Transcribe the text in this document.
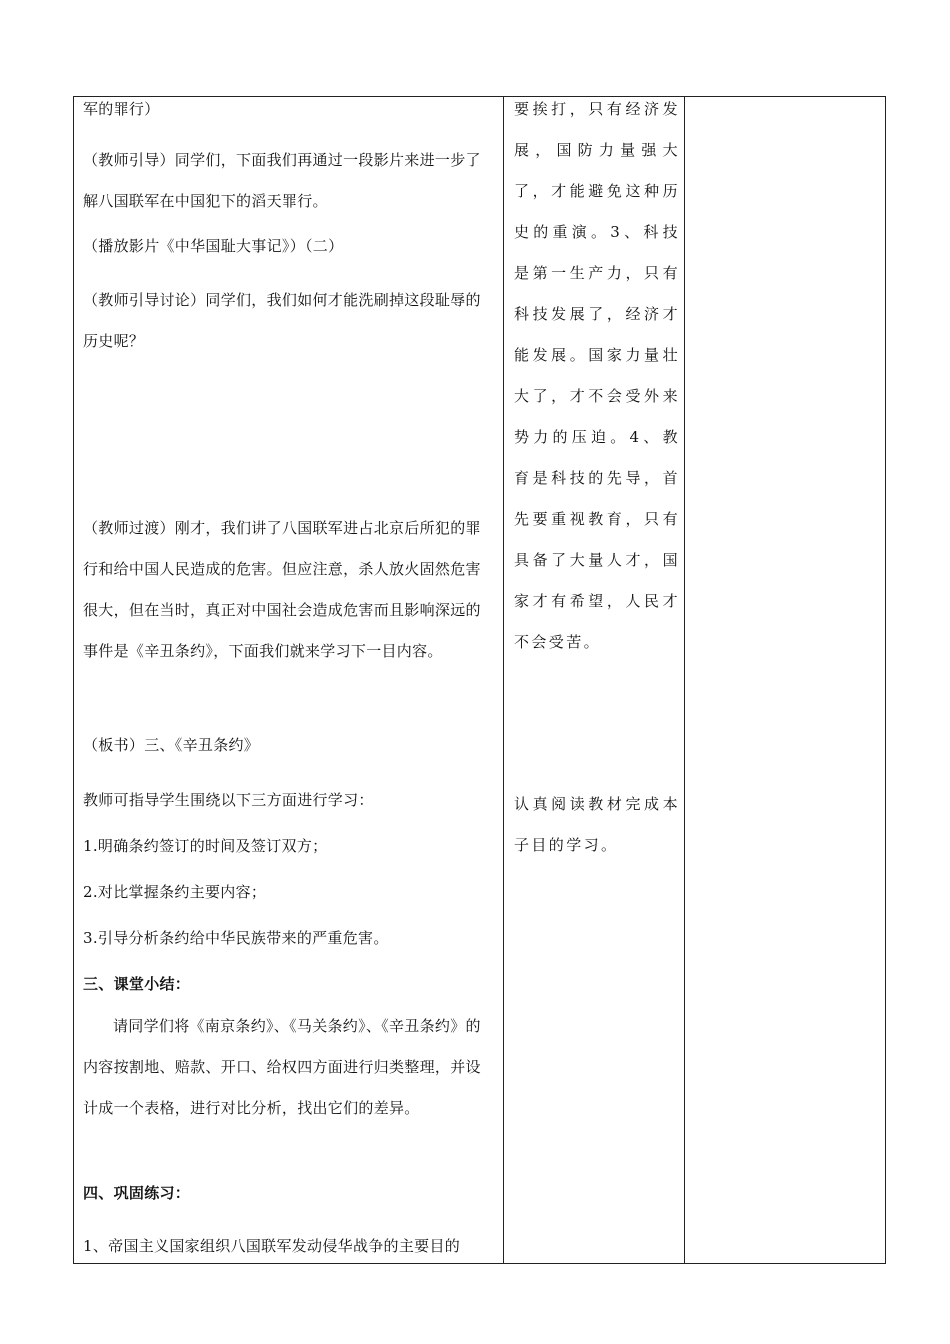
军的罪行）

（教师引导）同学们，下面我们再通过一段影片来进一步了解八国联军在中国犯下的滔天罪行。

（播放影片《中华国耻大事记》）（二）

（教师引导讨论）同学们，我们如何才能洗刷掉这段耻辱的历史呢？

（教师过渡）刚才，我们讲了八国联军进占北京后所犯的罪行和给中国人民造成的危害。但应注意，杀人放火固然危害很大，但在当时，真正对中国社会造成危害而且影响深远的事件是《辛丑条约》，下面我们就来学习下一目内容。

（板书）三、《辛丑条约》

教师可指导学生围绕以下三方面进行学习：

1.明确条约签订的时间及签订双方；

2.对比掌握条约主要内容；

3.引导分析条约给中华民族带来的严重危害。

三、课堂小结：

请同学们将《南京条约》、《马关条约》、《辛丑条约》的内容按割地、赔款、开口、给权四方面进行归类整理，并设计成一个表格，进行对比分析，找出它们的差异。

四、巩固练习：

1、帝国主义国家组织八国联军发动侵华战争的主要目的

要挨打，只有经济发展，国防力量强大了，才能避免这种历史的重演。3、科技是第一生产力，只有科技发展了，经济才能发展。国家力量壮大了，才不会受外来势力的压迫。4、教育是科技的先导，首先要重视教育，只有具备了大量人才，国家才有希望，人民才不会受苦。

认真阅读教材完成本子目的学习。
